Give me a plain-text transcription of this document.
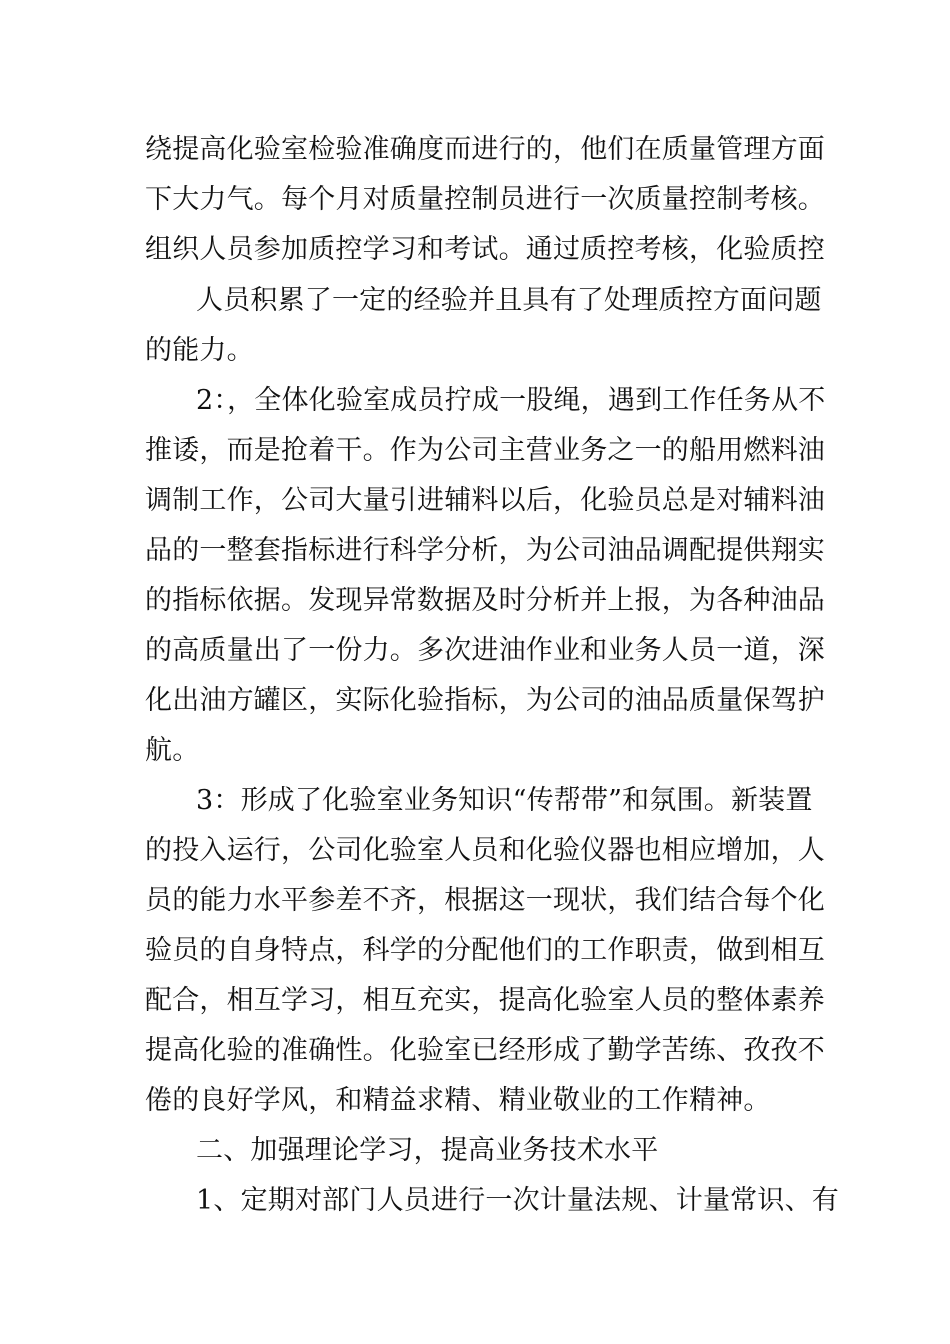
绕提高化验室检验准确度而进行的，他们在质量管理方面
下大力气。每个月对质量控制员进行一次质量控制考核。
组织人员参加质控学习和考试。通过质控考核，化验质控
人员积累了一定的经验并且具有了处理质控方面问题
的能力。
2：，全体化验室成员拧成一股绳，遇到工作任务从不
推诿，而是抢着干。作为公司主营业务之一的船用燃料油
调制工作，公司大量引进辅料以后，化验员总是对辅料油
品的一整套指标进行科学分析，为公司油品调配提供翔实
的指标依据。发现异常数据及时分析并上报，为各种油品
的高质量出了一份力。多次进油作业和业务人员一道，深
化出油方罐区，实际化验指标，为公司的油品质量保驾护
航。
3：形成了化验室业务知识“传帮带”和氛围。新装置
的投入运行，公司化验室人员和化验仪器也相应增加，人
员的能力水平参差不齐，根据这一现状，我们结合每个化
验员的自身特点，科学的分配他们的工作职责，做到相互
配合，相互学习，相互充实，提高化验室人员的整体素养
提高化验的准确性。化验室已经形成了勤学苦练、孜孜不
倦的良好学风，和精益求精、精业敬业的工作精神。
二、加强理论学习，提高业务技术水平
1、定期对部门人员进行一次计量法规、计量常识、有
